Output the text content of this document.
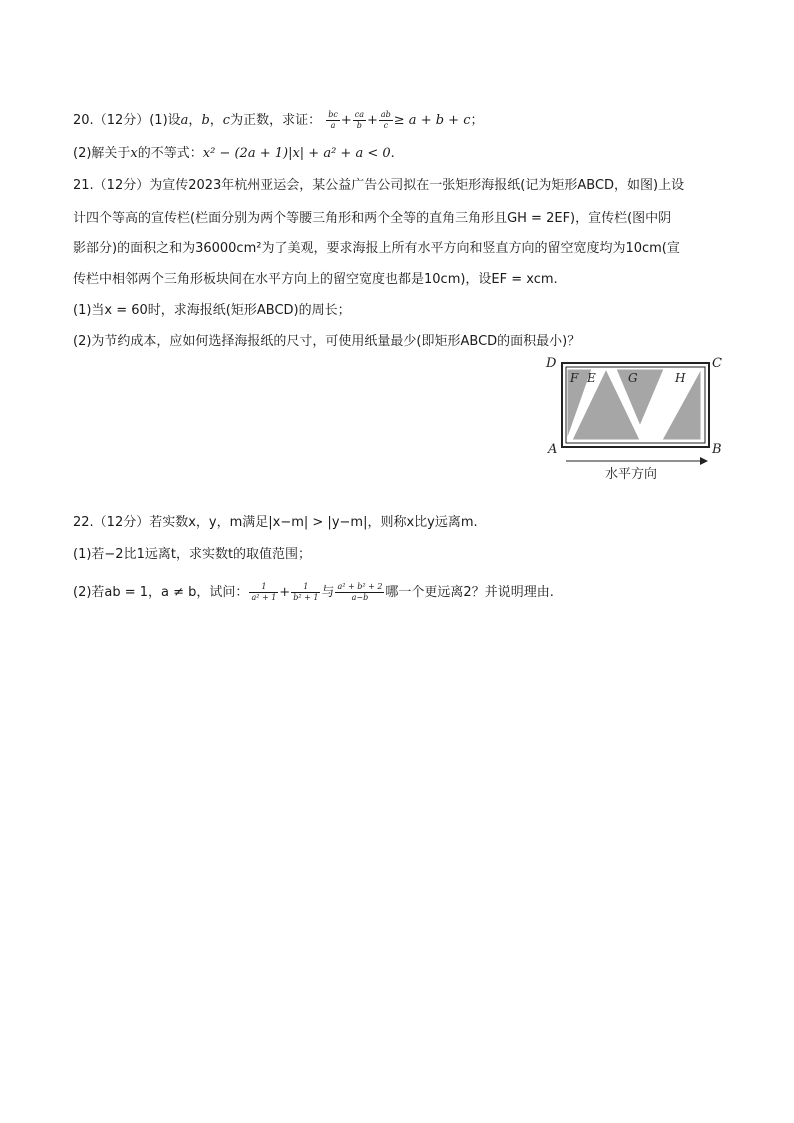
20.（12分）(1)设a，b，c为正数，求证： $\frac{bc}{a} + \frac{ca}{b} + \frac{ab}{c} \ge a + b + c$；
(2)解关于x的不等式：x² − (2a + 1)|x| + a² + a < 0.
21.（12分）为宣传2023年杭州亚运会，某公益广告公司拟在一张矩形海报纸(记为矩形ABCD，如图)上设
计四个等高的宣传栏(栏面分别为两个等腰三角形和两个全等的直角三角形且GH = 2EF)，宣传栏(图中阴
影部分)的面积之和为36000cm²为了美观，要求海报上所有水平方向和竖直方向的留空宽度均为10cm(宣
传栏中相邻两个三角形板块间在水平方向上的留空宽度也都是10cm)，设EF = xcm.
(1)当x = 60时，求海报纸(矩形ABCD)的周长；
(2)为节约成本，应如何选择海报纸的尺寸，可使用纸量最少(即矩形ABCD的面积最小)？
D	C
A	B
F E	G	H
水平方向
22.（12分）若实数x，y，m满足|x−m| > |y−m|，则称x比y远离m.
(1)若−2比1远离t，求实数t的取值范围；
(2)若ab = 1，a ≠ b，试问： $\frac{1}{\text{a² + 1}} + \frac{1}{\text{b² + 1}}$ 与 $\frac{\text{a² + b² + 2}}{a-b}$ 哪一个更远离2？并说明理由.
